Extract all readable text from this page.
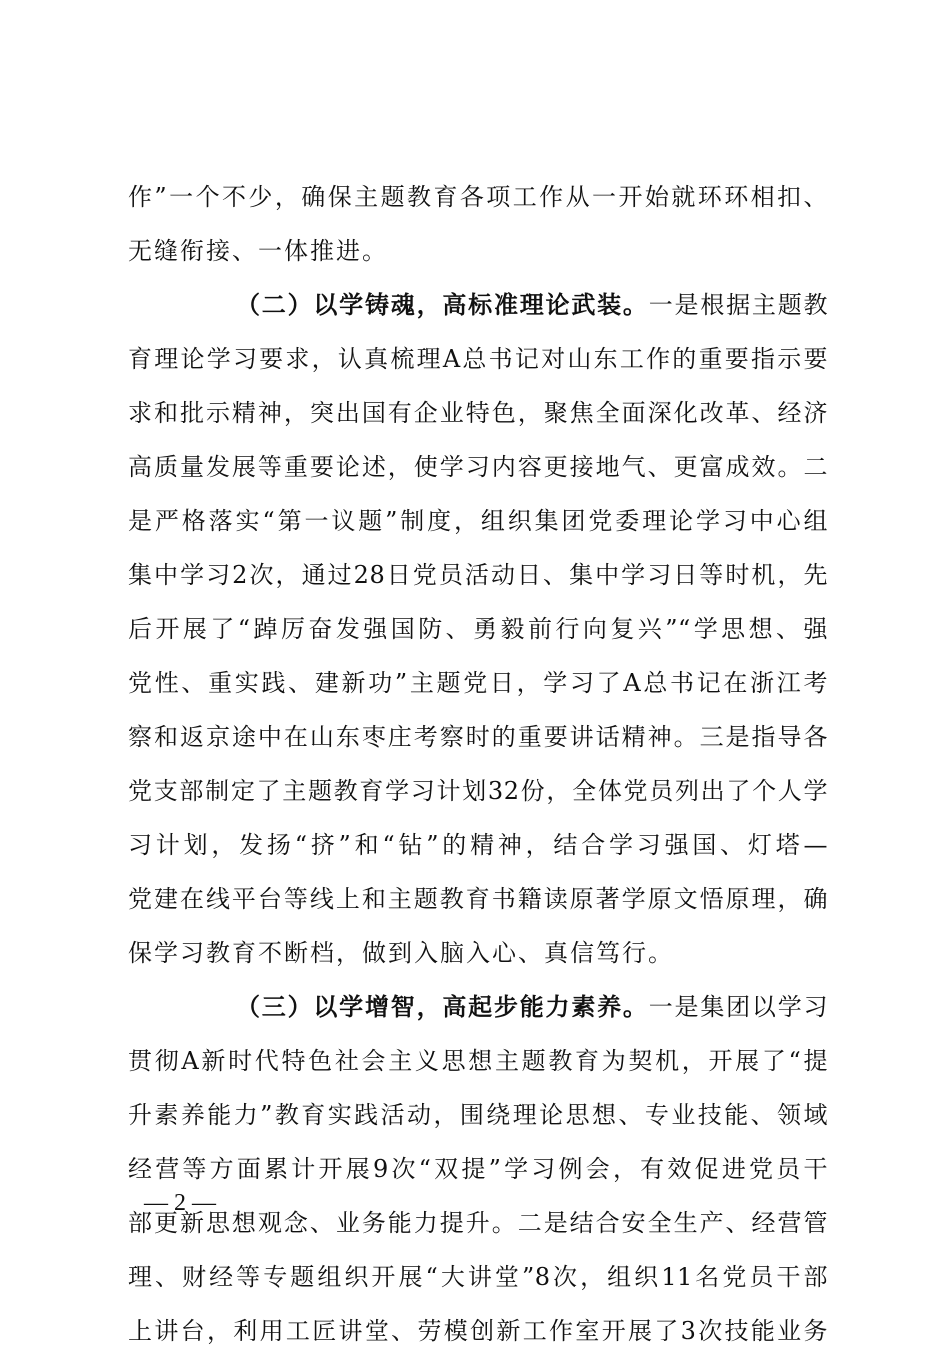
作”一个不少，确保主题教育各项工作从一开始就环环相扣、
无缝衔接、一体推进。
（二）以学铸魂，高标准理论武装。一是根据主题教
育理论学习要求，认真梳理A总书记对山东工作的重要指示要
求和批示精神，突出国有企业特色，聚焦全面深化改革、经济
高质量发展等重要论述，使学习内容更接地气、更富成效。二
是严格落实“第一议题”制度，组织集团党委理论学习中心组
集中学习2次，通过28日党员活动日、集中学习日等时机，先
后开展了“踔厉奋发强国防、勇毅前行向复兴”“学思想、强
党性、重实践、建新功”主题党日，学习了A总书记在浙江考
察和返京途中在山东枣庄考察时的重要讲话精神。三是指导各
党支部制定了主题教育学习计划32份，全体党员列出了个人学
习计划，发扬“挤”和“钻”的精神，结合学习强国、灯塔—
党建在线平台等线上和主题教育书籍读原著学原文悟原理，确
保学习教育不断档，做到入脑入心、真信笃行。
（三）以学增智，高起步能力素养。一是集团以学习
贯彻A新时代特色社会主义思想主题教育为契机，开展了“提
升素养能力”教育实践活动，围绕理论思想、专业技能、领域
经营等方面累计开展9次“双提”学习例会，有效促进党员干
部更新思想观念、业务能力提升。二是结合安全生产、经营管
理、财经等专题组织开展“大讲堂”8次，组织11名党员干部
上讲台，利用工匠讲堂、劳模创新工作室开展了3次技能业务
— 2 —
